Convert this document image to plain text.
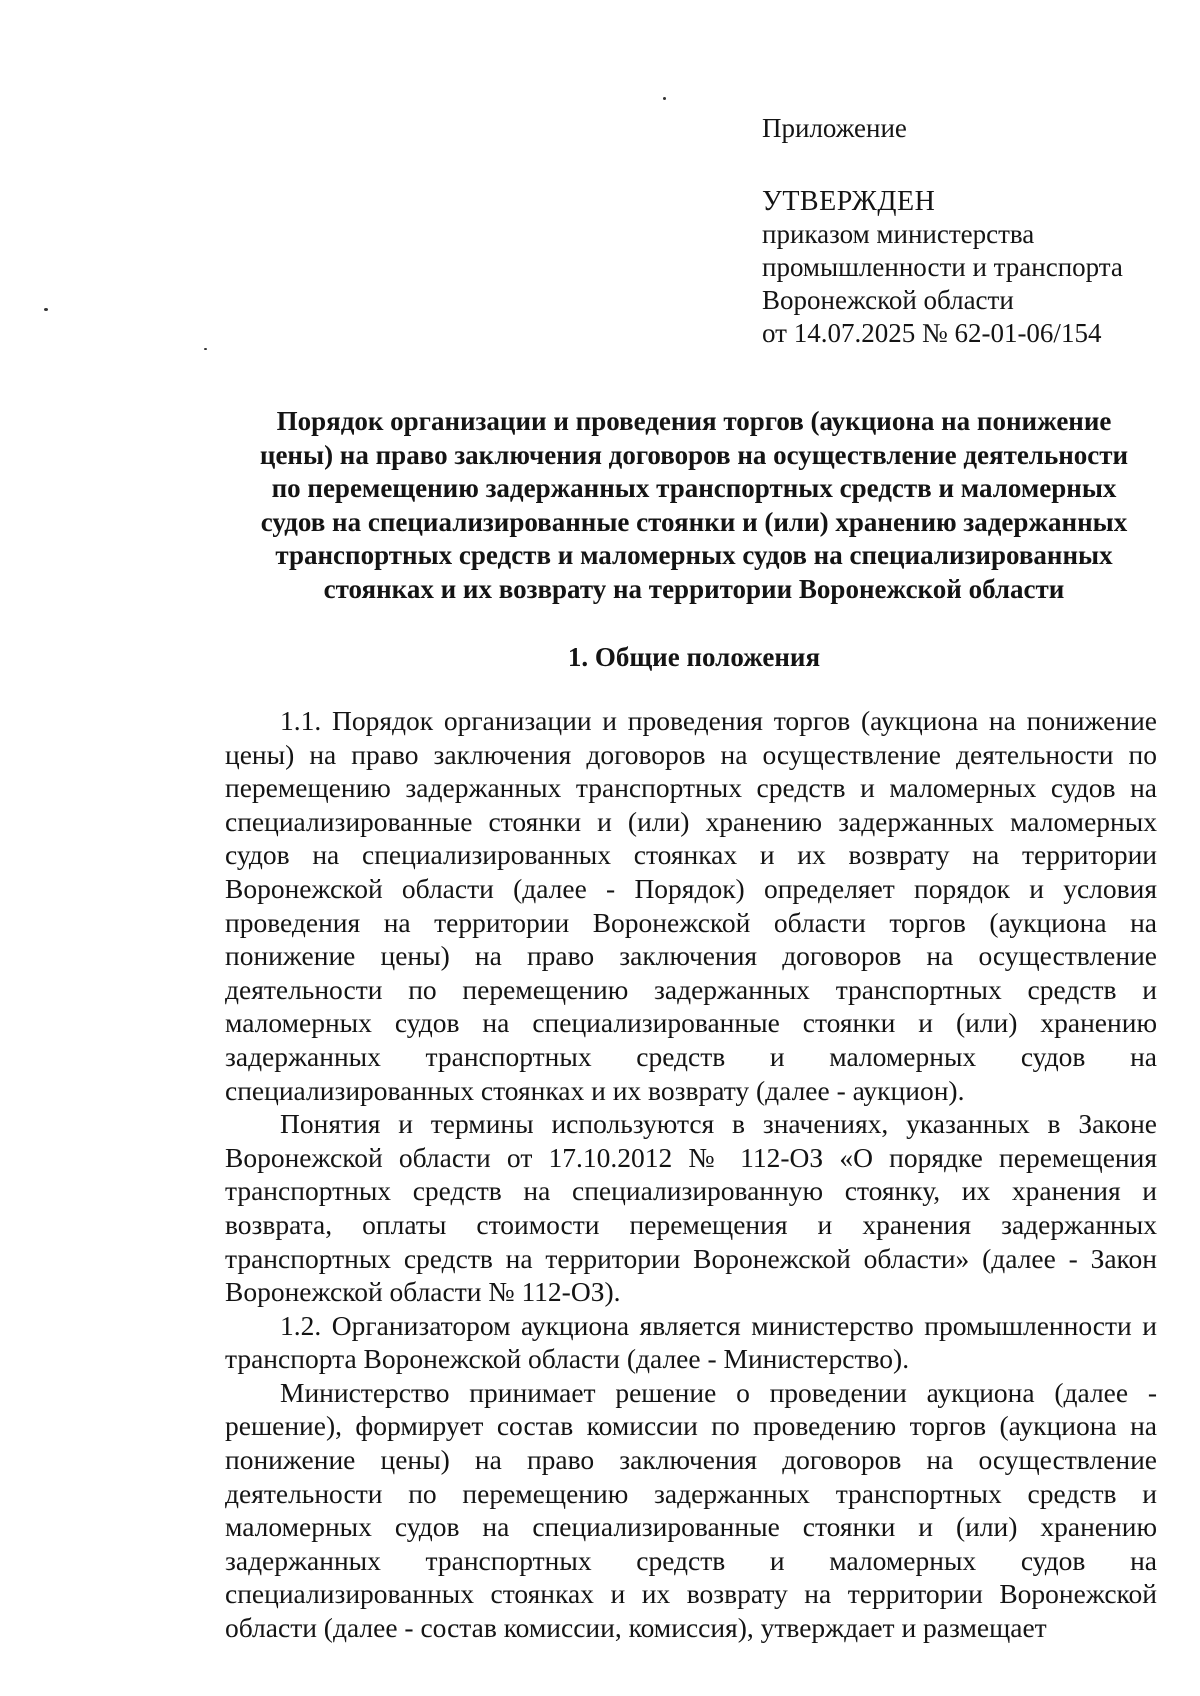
Приложение
УТВЕРЖДЕН
приказом министерства
промышленности и транспорта
Воронежской области
от 14.07.2025 № 62-01-06/154
Порядок организации и проведения торгов (аукциона на понижение
цены) на право заключения договоров на осуществление деятельности
по перемещению задержанных транспортных средств и маломерных
судов на специализированные стоянки и (или) хранению задержанных
транспортных средств и маломерных судов на специализированных
стоянках и их возврату на территории Воронежской области
1. Общие положения

1.1. Порядок организации и проведения торгов (аукциона на понижение цены) на право заключения договоров на осуществление деятельности по перемещению задержанных транспортных средств и маломерных судов на специализированные стоянки и (или) хранению задержанных маломерных судов на специализированных стоянках и их возврату на территории Воронежской области (далее - Порядок) определяет порядок и условия проведения на территории Воронежской области торгов (аукциона на понижение цены) на право заключения договоров на осуществление деятельности по перемещению задержанных транспортных средств и маломерных судов на специализированные стоянки и (или) хранению задержанных транспортных средств и маломерных судов на специализированных стоянках и их возврату (далее - аукцион).

Понятия и термины используются в значениях, указанных в Законе Воронежской области от 17.10.2012 № 112-ОЗ «О порядке перемещения транспортных средств на специализированную стоянку, их хранения и возврата, оплаты стоимости перемещения и хранения задержанных транспортных средств на территории Воронежской области» (далее - Закон Воронежской области № 112-ОЗ).

1.2. Организатором аукциона является министерство промышленности и транспорта Воронежской области (далее - Министерство).

Министерство принимает решение о проведении аукциона (далее - решение), формирует состав комиссии по проведению торгов (аукциона на понижение цены) на право заключения договоров на осуществление деятельности по перемещению задержанных транспортных средств и маломерных судов на специализированные стоянки и (или) хранению задержанных транспортных средств и маломерных судов на специализированных стоянках и их возврату на территории Воронежской области (далее - состав комиссии, комиссия), утверждает и размещает
